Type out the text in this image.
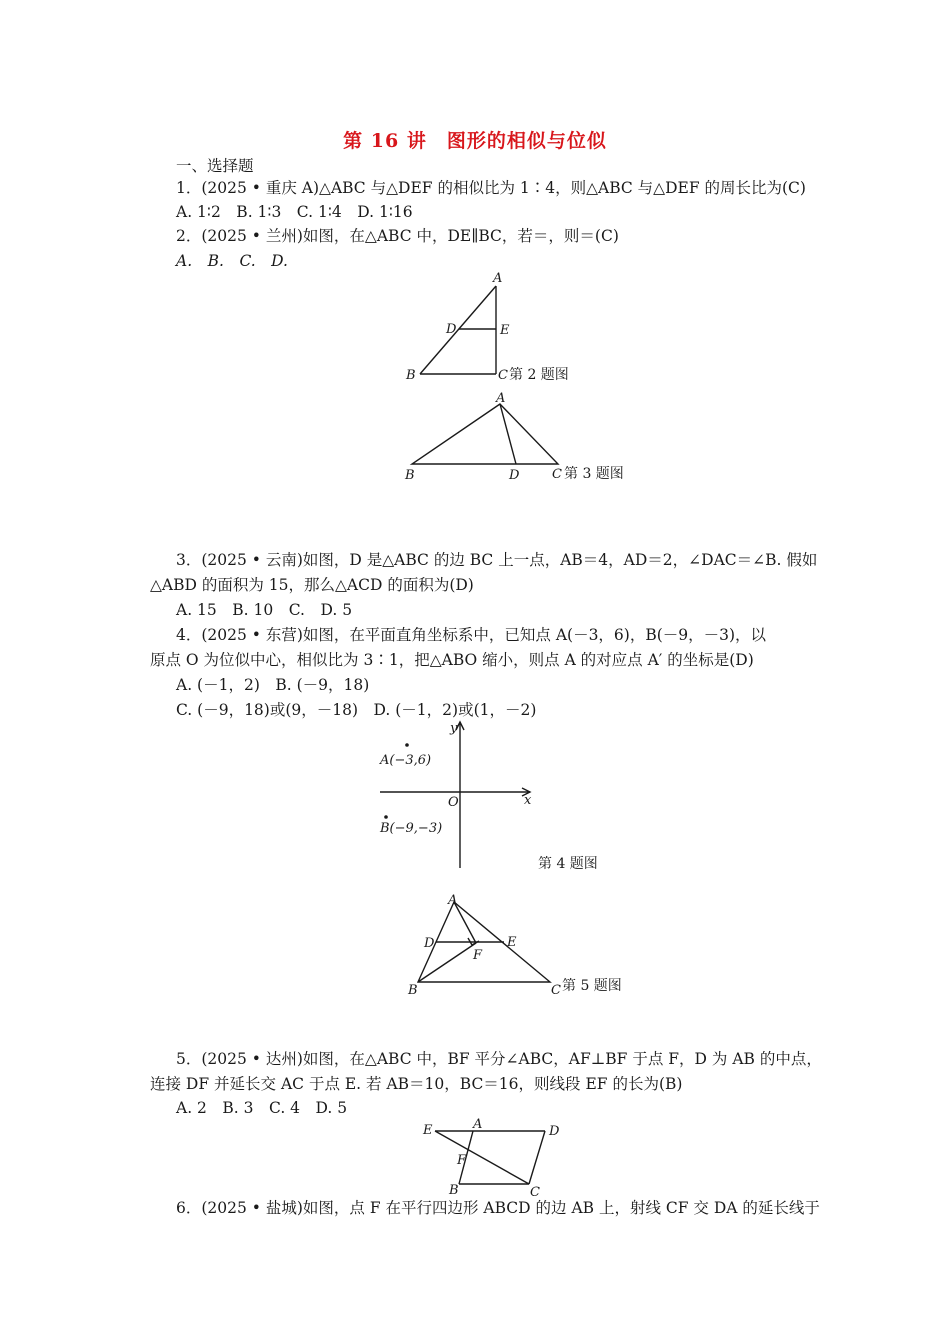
第 16 讲　图形的相似与位似
一、选择题
1．(2025 • 重庆 A)△ABC 与△DEF 的相似比为 1∶4，则△ABC 与△DEF 的周长比为(C)
A. 1∶2　B. 1∶3　C. 1∶4　D. 1∶16
2．(2025 • 兰州)如图，在△ABC 中，DE∥BC，若＝，则＝(C)
A.　B.　C.　D.
A
B	C
D	E
第 2 题图
A
B	D	C 第 3 题图
3．(2025 • 云南)如图，D 是△ABC 的边 BC 上一点，AB＝4，AD＝2，∠DAC＝∠B. 假如
△ABD 的面积为 15，那么△ACD 的面积为(D)
A. 15　B. 10　C.　D. 5
4．(2025 • 东营)如图，在平面直角坐标系中，已知点 A(－3，6)，B(－9，－3)，以
原点 O 为位似中心，相似比为 3∶1，把△ABO 缩小，则点 A 的对应点 A′ 的坐标是(D)
A. (－1，2)　B. (－9，18)
C. (－9，18)或(9，－18)　D. (－1，2)或(1，－2)
y
x
O
A(−3,6)
B(−9,−3)
第 4 题图
A
B	C
D	E
F
第 5 题图
5．(2025 • 达州)如图，在△ABC 中，BF 平分∠ABC，AF⊥BF 于点 F，D 为 AB 的中点，
连接 DF 并延长交 AC 于点 E. 若 AB＝10，BC＝16，则线段 EF 的长为(B)
A. 2　B. 3　C. 4　D. 5
E	A	D
F
B	C
6．(2025 • 盐城)如图，点 F 在平行四边形 ABCD 的边 AB 上，射线 CF 交 DA 的延长线于
